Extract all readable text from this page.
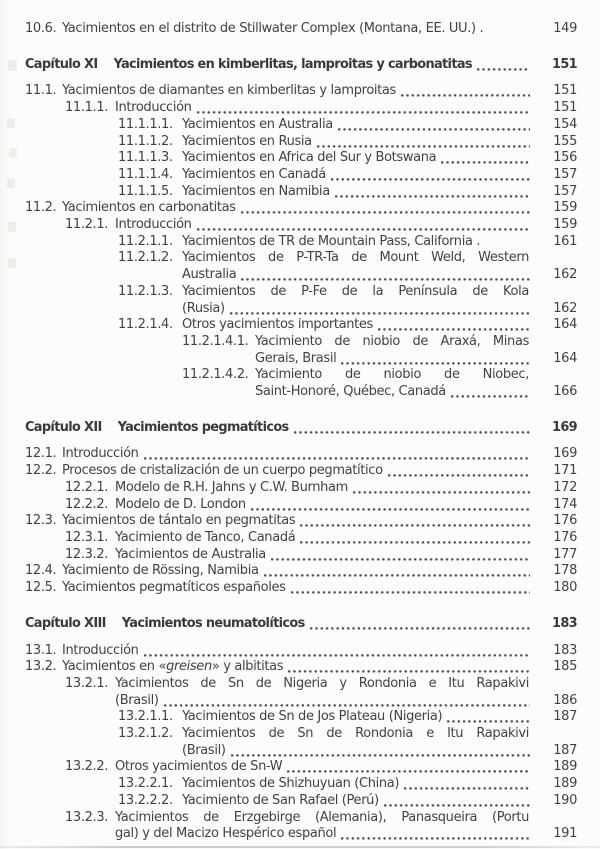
10.6. Yacimientos en el distrito de Stillwater Complex (Montana, EE. UU.) .	149
Capítulo XI Yacimientos en kimberlitas, lamproitas y carbonatitas	151
11.1. Yacimientos de diamantes en kimberlitas y lamproitas	151
11.1.1. Introducción	151
11.1.1.1. Yacimientos en Australia	154
11.1.1.2. Yacimientos en Rusia	155
11.1.1.3. Yacimientos en África del Sur y Botswana	156
11.1.1.4. Yacimientos en Canadá	157
11.1.1.5. Yacimientos en Namibia	157
11.2. Yacimientos en carbonatitas	159
11.2.1. Introducción	159
11.2.1.1. Yacimientos de TR de Mountain Pass, California .	161
11.2.1.2. Yacimientos de P-TR-Ta de Mount Weld, Western
Australia	162
11.2.1.3. Yacimientos de P-Fe de la Península de Kola
(Rusia)	162
11.2.1.4. Otros yacimientos importantes	164
11.2.1.4.1. Yacimiento de niobio de Araxá, Minas
Gerais, Brasil	164
11.2.1.4.2. Yacimiento de niobio de Niobec,
Saint-Honoré, Québec, Canadá	166
Capítulo XII Yacimientos pegmatíticos	169
12.1. Introducción	169
12.2. Procesos de cristalización de un cuerpo pegmatítico	171
12.2.1. Modelo de R.H. Jahns y C.W. Burnham	172
12.2.2. Modelo de D. London	174
12.3. Yacimientos de tántalo en pegmatitas	176
12.3.1. Yacimiento de Tanco, Canadá	176
12.3.2. Yacimientos de Australia	177
12.4. Yacimiento de Rössing, Namibia	178
12.5. Yacimientos pegmatíticos españoles	180
Capítulo XIII Yacimientos neumatolíticos	183
13.1. Introducción	183
13.2. Yacimientos en «greisen» y albititas	185
13.2.1. Yacimientos de Sn de Nigeria y Rondonia e Itu Rapakivi
(Brasil)	186
13.2.1.1. Yacimientos de Sn de Jos Plateau (Nigeria)	187
13.2.1.2. Yacimientos de Sn de Rondonia e Itu Rapakivi
(Brasil)	187
13.2.2. Otros yacimientos de Sn-W	189
13.2.2.1. Yacimientos de Shizhuyuan (China)	189
13.2.2.2. Yacimiento de San Rafael (Perú)	190
13.2.3. Yacimientos de Erzgebirge (Alemania), Panasqueira (Portu
gal) y del Macizo Hespérico español	191
